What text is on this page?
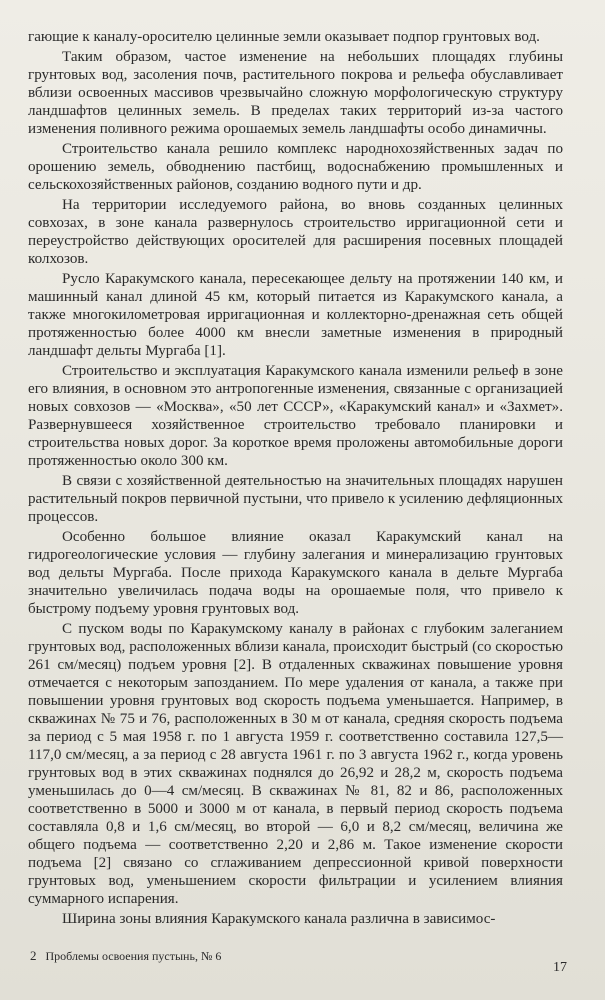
гающие к каналу-оросителю целинные земли оказывает подпор грунтовых вод.

Таким образом, частое изменение на небольших площадях глубины грунтовых вод, засоления почв, растительного покрова и рельефа обуславливает вблизи освоенных массивов чрезвычайно сложную морфологическую структуру ландшафтов целинных земель. В пределах таких территорий из-за частого изменения поливного режима орошаемых земель ландшафты особо динамичны.

Строительство канала решило комплекс народнохозяйственных задач по орошению земель, обводнению пастбищ, водоснабжению промышленных и сельскохозяйственных районов, созданию водного пути и др.

На территории исследуемого района, во вновь созданных целинных совхозах, в зоне канала развернулось строительство ирригационной сети и переустройство действующих оросителей для расширения посевных площадей колхозов.

Русло Каракумского канала, пересекающее дельту на протяжении 140 км, и машинный канал длиной 45 км, который питается из Каракумского канала, а также многокилометровая ирригационная и коллекторно-дренажная сеть общей протяженностью более 4000 км внесли заметные изменения в природный ландшафт дельты Мургаба [1].

Строительство и эксплуатация Каракумского канала изменили рельеф в зоне его влияния, в основном это антропогенные изменения, связанные с организацией новых совхозов — «Москва», «50 лет СССР», «Каракумский канал» и «Захмет». Развернувшееся хозяйственное строительство требовало планировки и строительства новых дорог. За короткое время проложены автомобильные дороги протяженностью около 300 км.

В связи с хозяйственной деятельностью на значительных площадях нарушен растительный покров первичной пустыни, что привело к усилению дефляционных процессов.

Особенно большое влияние оказал Каракумский канал на гидрогеологические условия — глубину залегания и минерализацию грунтовых вод дельты Мургаба. После прихода Каракумского канала в дельте Мургаба значительно увеличилась подача воды на орошаемые поля, что привело к быстрому подъему уровня грунтовых вод.

С пуском воды по Каракумскому каналу в районах с глубоким залеганием грунтовых вод, расположенных вблизи канала, происходит быстрый (со скоростью 261 см/месяц) подъем уровня [2]. В отдаленных скважинах повышение уровня отмечается с некоторым запозданием. По мере удаления от канала, а также при повышении уровня грунтовых вод скорость подъема уменьшается. Например, в скважинах № 75 и 76, расположенных в 30 м от канала, средняя скорость подъема за период с 5 мая 1958 г. по 1 августа 1959 г. соответственно составила 127,5—117,0 см/месяц, а за период с 28 августа 1961 г. по 3 августа 1962 г., когда уровень грунтовых вод в этих скважинах поднялся до 26,92 и 28,2 м, скорость подъема уменьшилась до 0—4 см/месяц. В скважинах № 81, 82 и 86, расположенных соответственно в 5000 и 3000 м от канала, в первый период скорость подъема составляла 0,8 и 1,6 см/месяц, во второй — 6,0 и 8,2 см/месяц, величина же общего подъема — соответственно 2,20 и 2,86 м. Такое изменение скорости подъема [2] связано со сглаживанием депрессионной кривой поверхности грунтовых вод, уменьшением скорости фильтрации и усилением влияния суммарного испарения.

Ширина зоны влияния Каракумского канала различна в зависимос-

2 Проблемы освоения пустынь, № 6
17
